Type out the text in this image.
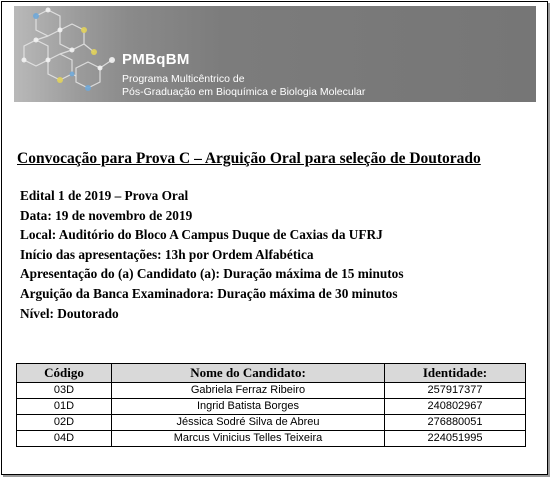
PMBqBM
Programa Multicêntrico de
Pós-Graduação em Bioquímica e Biologia Molecular
Convocação para Prova C – Arguição Oral para seleção de Doutorado
Edital 1 de 2019 – Prova Oral
Data: 19 de novembro de 2019
Local: Auditório do Bloco A Campus Duque de Caxias da UFRJ
Início das apresentações: 13h por Ordem Alfabética
Apresentação do (a) Candidato (a): Duração máxima de 15 minutos
Arguição da Banca Examinadora: Duração máxima de 30 minutos
Nível: Doutorado
Código	Nome do Candidato:	Identidade:
03D	Gabriela Ferraz Ribeiro	257917377
01D	Ingrid Batista Borges	240802967
02D	Jéssica Sodré Silva de Abreu	276880051
04D	Marcus Vinicius Telles Teixeira	224051995
